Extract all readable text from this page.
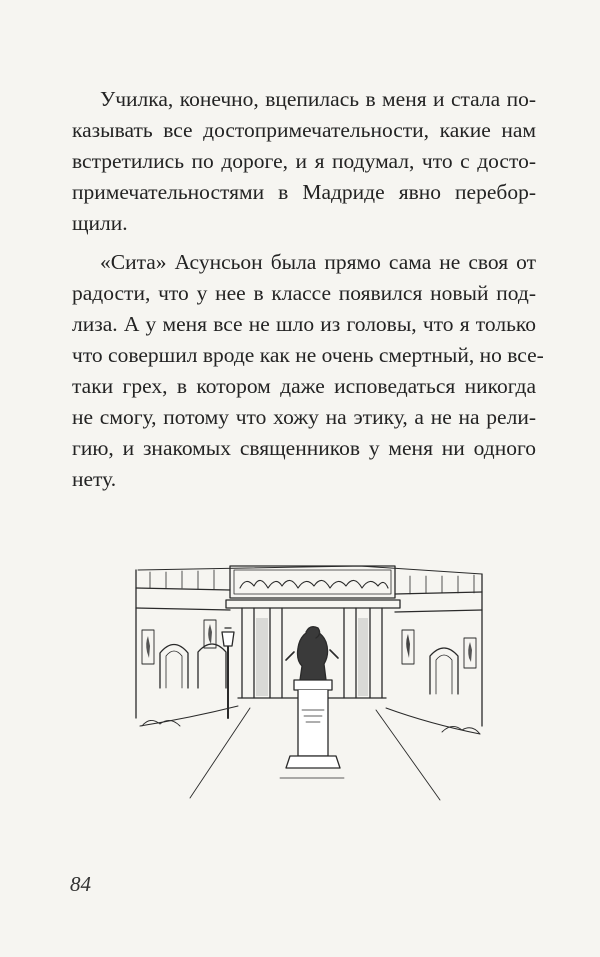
Училка, конечно, вцепилась в меня и стала по-
казывать все достопримечательности, какие нам
встретились по дороге, и я подумал, что с досто-
примечательностями в Мадриде явно перебор-
щили.
«Сита» Асунсьон была прямо сама не своя от
радости, что у нее в классе появился новый под-
лиза. А у меня все не шло из головы, что я только
что совершил вроде как не очень смертный, но все-
таки грех, в котором даже исповедаться никогда
не смогу, потому что хожу на этику, а не на рели-
гию, и знакомых священников у меня ни одного
нету.
84
